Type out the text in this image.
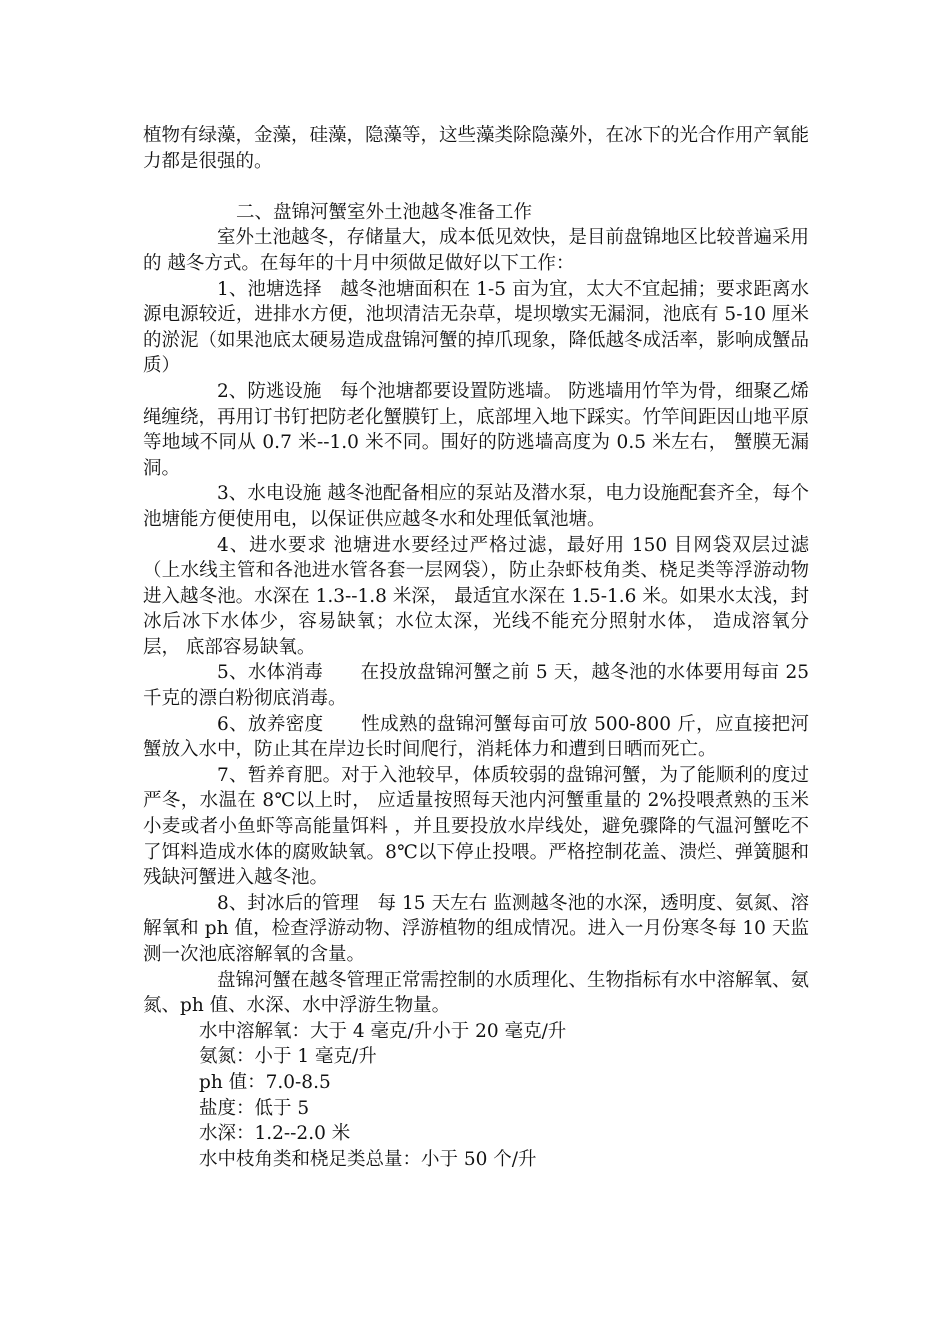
植物有绿藻，金藻，硅藻，隐藻等，这些藻类除隐藻外，在冰下的光合作用产氧能力都是很强的。

二、盘锦河蟹室外土池越冬准备工作

室外土池越冬，存储量大，成本低见效快，是目前盘锦地区比较普遍采用的 越冬方式。在每年的十月中须做足做好以下工作：

1、池塘选择　越冬池塘面积在 1-5 亩为宜，太大不宜起捕；要求距离水源电源较近，进排水方便，池坝清洁无杂草，堤坝墩实无漏洞，池底有 5-10 厘米的淤泥（如果池底太硬易造成盘锦河蟹的掉爪现象，降低越冬成活率，影响成蟹品质）

2、防逃设施　每个池塘都要设置防逃墙。 防逃墙用竹竿为骨，细聚乙烯绳缠绕，再用订书钉把防老化蟹膜钉上，底部埋入地下踩实。竹竿间距因山地平原等地域不同从 0.7 米--1.0 米不同。围好的防逃墙高度为 0.5 米左右， 蟹膜无漏洞。

3、水电设施 越冬池配备相应的泵站及潜水泵，电力设施配套齐全，每个池塘能方便使用电，以保证供应越冬水和处理低氧池塘。

4、进水要求 池塘进水要经过严格过滤，最好用 150 目网袋双层过滤（上水线主管和各池进水管各套一层网袋），防止杂虾枝角类、桡足类等浮游动物进入越冬池。水深在 1.3--1.8 米深， 最适宜水深在 1.5-1.6 米。如果水太浅，封冰后冰下水体少，容易缺氧；水位太深，光线不能充分照射水体， 造成溶氧分层， 底部容易缺氧。

5、水体消毒　　在投放盘锦河蟹之前 5 天，越冬池的水体要用每亩 25 千克的漂白粉彻底消毒。

6、放养密度　　性成熟的盘锦河蟹每亩可放 500-800 斤，应直接把河蟹放入水中，防止其在岸边长时间爬行，消耗体力和遭到日晒而死亡。

7、暂养育肥。对于入池较早，体质较弱的盘锦河蟹，为了能顺利的度过严冬，水温在 8℃以上时， 应适量按照每天池内河蟹重量的 2%投喂煮熟的玉米小麦或者小鱼虾等高能量饵料 ，并且要投放水岸线处，避免骤降的气温河蟹吃不了饵料造成水体的腐败缺氧。8℃以下停止投喂。严格控制花盖、溃烂、弹簧腿和残缺河蟹进入越冬池。

8、封冰后的管理　每 15 天左右 监测越冬池的水深，透明度、氨氮、溶解氧和 ph 值，检查浮游动物、浮游植物的组成情况。进入一月份寒冬每 10 天监测一次池底溶解氧的含量。

盘锦河蟹在越冬管理正常需控制的水质理化、生物指标有水中溶解氧、氨氮、ph 值、水深、水中浮游生物量。

水中溶解氧：大于 4 毫克/升小于 20 毫克/升

氨氮：小于 1 毫克/升

ph 值：7.0-8.5

盐度：低于 5

水深：1.2--2.0 米

水中枝角类和桡足类总量：小于 50 个/升
